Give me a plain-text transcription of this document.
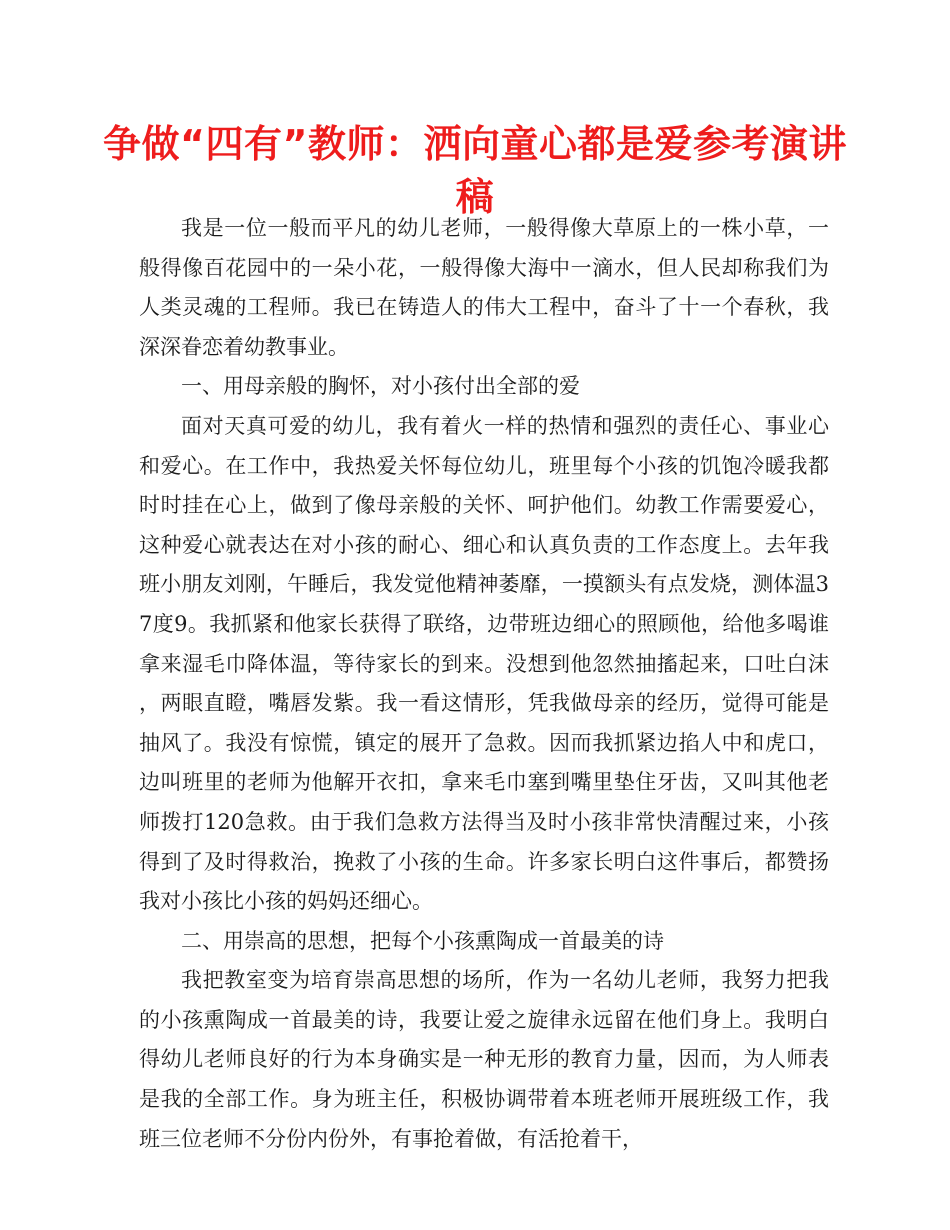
争做“四有”教师：洒向童心都是爱参考演讲稿

我是一位一般而平凡的幼儿老师，一般得像大草原上的一株小草，一般得像百花园中的一朵小花，一般得像大海中一滴水，但人民却称我们为人类灵魂的工程师。我已在铸造人的伟大工程中，奋斗了十一个春秋，我深深眷恋着幼教事业。

一、用母亲般的胸怀，对小孩付出全部的爱

面对天真可爱的幼儿，我有着火一样的热情和强烈的责任心、事业心和爱心。在工作中，我热爱关怀每位幼儿，班里每个小孩的饥饱冷暖我都时时挂在心上，做到了像母亲般的关怀、呵护他们。幼教工作需要爱心，这种爱心就表达在对小孩的耐心、细心和认真负责的工作态度上。去年我班小朋友刘刚，午睡后，我发觉他精神萎靡，一摸额头有点发烧，测体温37度9。我抓紧和他家长获得了联络，边带班边细心的照顾他，给他多喝谁拿来湿毛巾降体温，等待家长的到来。没想到他忽然抽搐起来，口吐白沫，两眼直瞪，嘴唇发紫。我一看这情形，凭我做母亲的经历，觉得可能是抽风了。我没有惊慌，镇定的展开了急救。因而我抓紧边掐人中和虎口，边叫班里的老师为他解开衣扣，拿来毛巾塞到嘴里垫住牙齿，又叫其他老师拨打120急救。由于我们急救方法得当及时小孩非常快清醒过来，小孩得到了及时得救治，挽救了小孩的生命。许多家长明白这件事后，都赞扬我对小孩比小孩的妈妈还细心。

二、用崇高的思想，把每个小孩熏陶成一首最美的诗

我把教室变为培育崇高思想的场所，作为一名幼儿老师，我努力把我的小孩熏陶成一首最美的诗，我要让爱之旋律永远留在他们身上。我明白得幼儿老师良好的行为本身确实是一种无形的教育力量，因而，为人师表是我的全部工作。身为班主任，积极协调带着本班老师开展班级工作，我班三位老师不分份内份外，有事抢着做，有活抢着干，
